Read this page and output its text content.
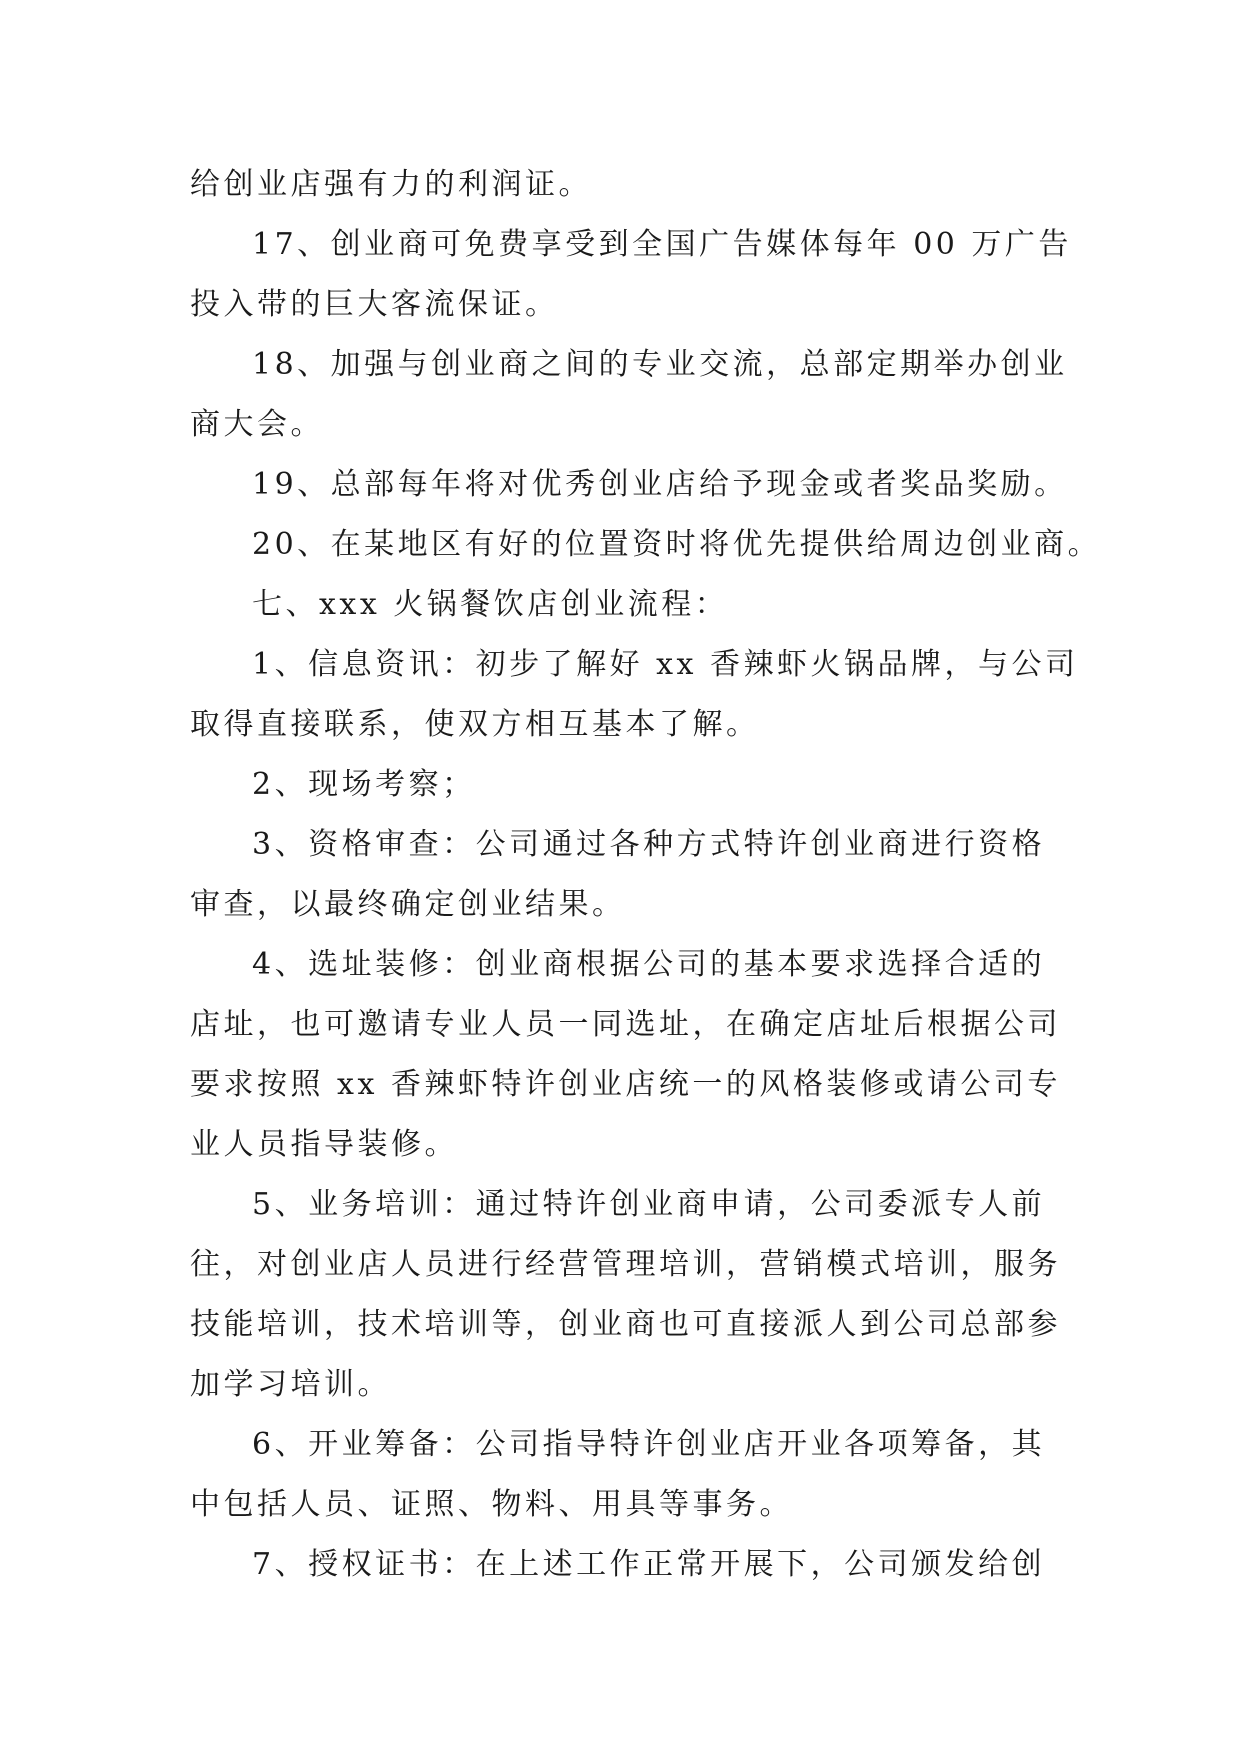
给创业店强有力的利润证。
17、创业商可免费享受到全国广告媒体每年 00 万广告
投入带的巨大客流保证。
18、加强与创业商之间的专业交流，总部定期举办创业
商大会。
19、总部每年将对优秀创业店给予现金或者奖品奖励。
20、在某地区有好的位置资时将优先提供给周边创业商。
七、xxx 火锅餐饮店创业流程：
1、信息资讯：初步了解好 xx 香辣虾火锅品牌，与公司
取得直接联系，使双方相互基本了解。
2、现场考察；
3、资格审查：公司通过各种方式特许创业商进行资格
审查，以最终确定创业结果。
4、选址装修：创业商根据公司的基本要求选择合适的
店址，也可邀请专业人员一同选址，在确定店址后根据公司
要求按照 xx 香辣虾特许创业店统一的风格装修或请公司专
业人员指导装修。
5、业务培训：通过特许创业商申请，公司委派专人前
往，对创业店人员进行经营管理培训，营销模式培训，服务
技能培训，技术培训等，创业商也可直接派人到公司总部参
加学习培训。
6、开业筹备：公司指导特许创业店开业各项筹备，其
中包括人员、证照、物料、用具等事务。
7、授权证书：在上述工作正常开展下，公司颁发给创
